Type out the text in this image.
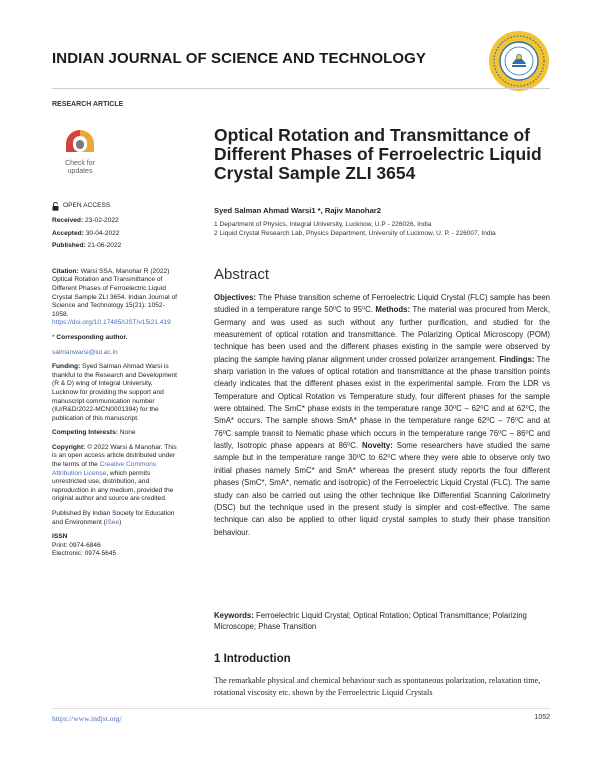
INDIAN JOURNAL OF SCIENCE AND TECHNOLOGY
RESEARCH ARTICLE
Check for
updates
OPEN ACCESS
Received: 23-02-2022
Accepted: 30-04-2022
Published: 21-06-2022
Citation: Warsi SSA, Manohar R (2022) Optical Rotation and Transmittance of Different Phases of Ferroelectric Liquid Crystal Sample ZLI 3654. Indian Journal of Science and Technology 15(21): 1052-1058. https://doi.org/10.17485/IJST/v15i21.419
* Corresponding author.
salmanwarsi@iul.ac.in
Funding: Syed Salman Ahmad Warsi is thankful to the Research and Development (R & D) wing of Integral University, Lucknow for providing the support and manuscript communication number (IU/R&D/2022-MCN0001394) for the publication of this manuscript.
Competing Interests: None
Copyright: © 2022 Warsi & Manohar. This is an open access article distributed under the terms of the Creative Commons Attribution License, which permits unrestricted use, distribution, and reproduction in any medium, provided the original author and source are credited.
Published By Indian Society for Education and Environment (iSee)
ISSN
Print: 0974-6846
Electronic: 0974-5645
Optical Rotation and Transmittance of Different Phases of Ferroelectric Liquid Crystal Sample ZLI 3654
Syed Salman Ahmad Warsi1 *, Rajiv Manohar2
1 Department of Physics, Integral University, Lucknow, U.P - 226026, India
2 Liquid Crystal Research Lab, Physics Department, University of Lucknow, U. P. - 226007, India
Abstract
Objectives: The Phase transition scheme of Ferroelectric Liquid Crystal (FLC) sample has been studied in a temperature range 50⁰C to 95⁰C. Methods: The material was procured from Merck, Germany and was used as such without any further purification, and studied for the measurement of optical rotation and transmittance. The Polarizing Optical Microscopy (POM) technique has been used and the different phases existing in the sample were observed by placing the sample having planar alignment under crossed polarizer arrangement. Findings: The sharp variation in the values of optical rotation and transmittance at the phase transition points clearly indicates that the different phases exist in the experimental sample. From the LDR vs Temperature and Optical Rotation vs Temperature study, four different phases for the sample were obtained. The SmC* phase exists in the temperature range 30⁰C – 62⁰C and at 62⁰C, the SmA* occurs. The sample shows SmA* phase in the temperature range 62⁰C – 76⁰C and at 76⁰C sample transit to Nematic phase which occurs in the temperature range 76⁰C – 86⁰C and lastly, Isotropic phase appears at 86⁰C. Novelty: Some researchers have studied the same sample but in the temperature range 30⁰C to 62⁰C where they were able to observe only two initial phases namely SmC* and SmA* whereas the present study reports the four different phases (SmC*, SmA*, nematic and isotropic) of the Ferroelectric Liquid Crystal (FLC). The same study can also be carried out using the other technique like Differential Scanning Calorimetry (DSC) but the technique used in the present study is simpler and cost-effective. The same technique can also be applied to other liquid crystal samples to study their phase transition behaviour.
Keywords: Ferroelectric Liquid Crystal; Optical Rotation; Optical Transmittance; Polarizing Microscope; Phase Transition
1 Introduction
The remarkable physical and chemical behaviour such as spontaneous polarization, relaxation time, rotational viscosity etc. shown by the Ferroelectric Liquid Crystals
https://www.indjst.org/	1052
